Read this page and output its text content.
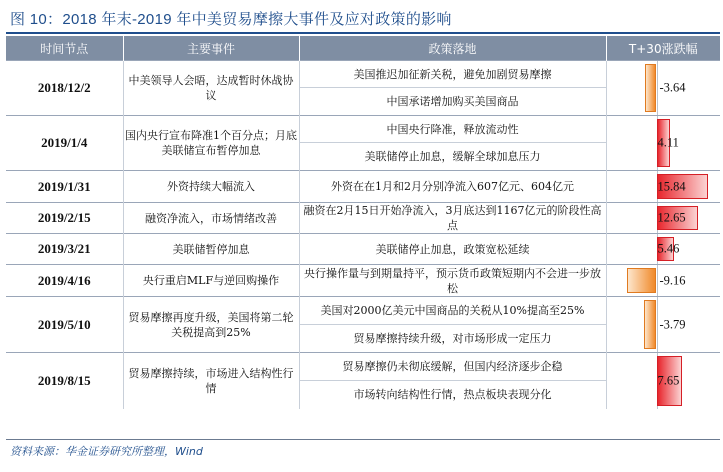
图 10：2018 年末-2019 年中美贸易摩擦大事件及应对政策的影响
时间节点	主要事件	政策落地	T+30涨跌幅
2018/12/2	中美领导人会晤，达成暂时休战协议	美国推迟加征新关税，避免加剧贸易摩擦	-3.64

		中国承诺增加购买美国商品	
2019/1/4	国内央行宣布降准1个百分点；月底美联储宣布暂停加息	中国央行降准，释放流动性	4.11

		美联储停止加息，缓解全球加息压力	
2019/1/31	外资持续大幅流入	外资在在1月和2月分别净流入607亿元、604亿元	15.84

2019/2/15	融资净流入，市场情绪改善	融资在2月15日开始净流入，3月底达到1167亿元的阶段性高点	12.65

2019/3/21	美联储暂停加息	美联储停止加息，政策宽松延续	5.46

2019/4/16	央行重启MLF与逆回购操作	央行操作量与到期量持平，预示货币政策短期内不会进一步放松	-9.16

2019/5/10	贸易摩擦再度升级，美国将第二轮关税提高到25%	美国对2000亿美元中国商品的关税从10%提高至25%	-3.79

		贸易摩擦持续升级，对市场形成一定压力	
2019/8/15	贸易摩擦持续，市场进入结构性行情	贸易摩擦仍未彻底缓解，但国内经济逐步企稳	7.65

		市场转向结构性行情，热点板块表现分化	
资料来源：华金证券研究所整理，Wind
